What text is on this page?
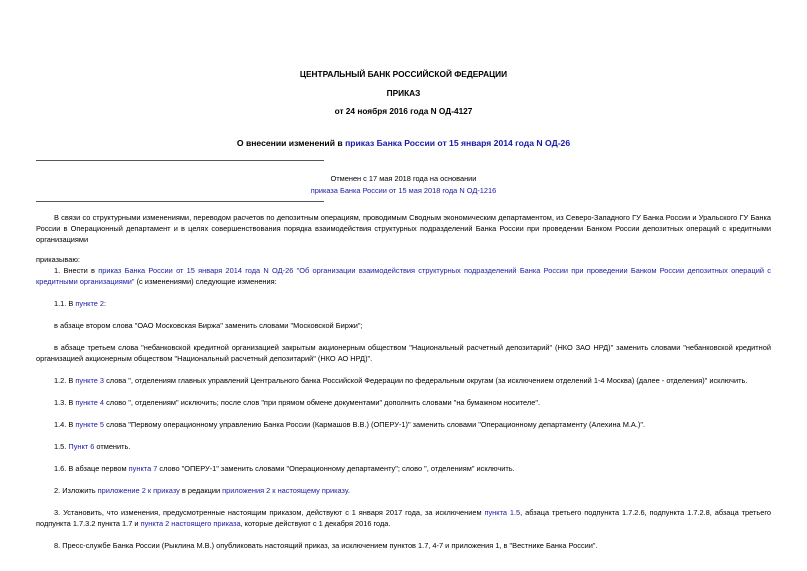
ЦЕНТРАЛЬНЫЙ БАНК РОССИЙСКОЙ ФЕДЕРАЦИИ
ПРИКАЗ
от 24 ноября 2016 года N ОД-4127
О внесении изменений в приказ Банка России от 15 января 2014 года N ОД-26
Отменен с 17 мая 2018 года на основании
приказа Банка России от 15 мая 2018 года N ОД-1216

В связи со структурными изменениями, переводом расчетов по депозитным операциям, проводимым Сводным экономическим департаментом, из Северо-Западного ГУ Банка России и Уральского ГУ Банка России в Операционный департамент и в целях совершенствования порядка взаимодействия структурных подразделений Банка России при проведении Банком России депозитных операций с кредитными организациями

приказываю:

1. Внести в приказ Банка России от 15 января 2014 года N ОД-26 "Об организации взаимодействия структурных подразделений Банка России при проведении Банком России депозитных операций с кредитными организациями" (с изменениями) следующие изменения:

1.1. В пункте 2:

в абзаце втором слова "ОАО Московская Биржа" заменить словами "Московской Биржи";

в абзаце третьем слова "небанковской кредитной организацией закрытым акционерным обществом "Национальный расчетный депозитарий" (НКО ЗАО НРД)" заменить словами "небанковской кредитной организацией акционерным обществом "Национальный расчетный депозитарий" (НКО АО НРД)".

1.2. В пункте 3 слова ", отделениям главных управлений Центрального банка Российской Федерации по федеральным округам (за исключением отделений 1-4 Москва) (далее - отделения)" исключить.

1.3. В пункте 4 слово ", отделениям" исключить; после слов "при прямом обмене документами" дополнить словами "на бумажном носителе".

1.4. В пункте 5 слова "Первому операционному управлению Банка России (Кармашов В.В.) (ОПЕРУ-1)" заменить словами "Операционному департаменту (Алехина М.А.)".

1.5. Пункт 6 отменить.

1.6. В абзаце первом пункта 7 слово "ОПЕРУ-1" заменить словами "Операционному департаменту"; слово ", отделениям" исключить.

2. Изложить приложение 2 к приказу в редакции приложения 2 к настоящему приказу.

3. Установить, что изменения, предусмотренные настоящим приказом, действуют с 1 января 2017 года, за исключением пункта 1.5, абзаца третьего подпункта 1.7.2.6, подпункта 1.7.2.8, абзаца третьего подпункта 1.7.3.2 пункта 1.7 и пункта 2 настоящего приказа, которые действуют с 1 декабря 2016 года.

8. Пресс-службе Банка России (Рыклина М.В.) опубликовать настоящий приказ, за исключением пунктов 1.7, 4-7 и приложения 1, в "Вестнике Банка России".
